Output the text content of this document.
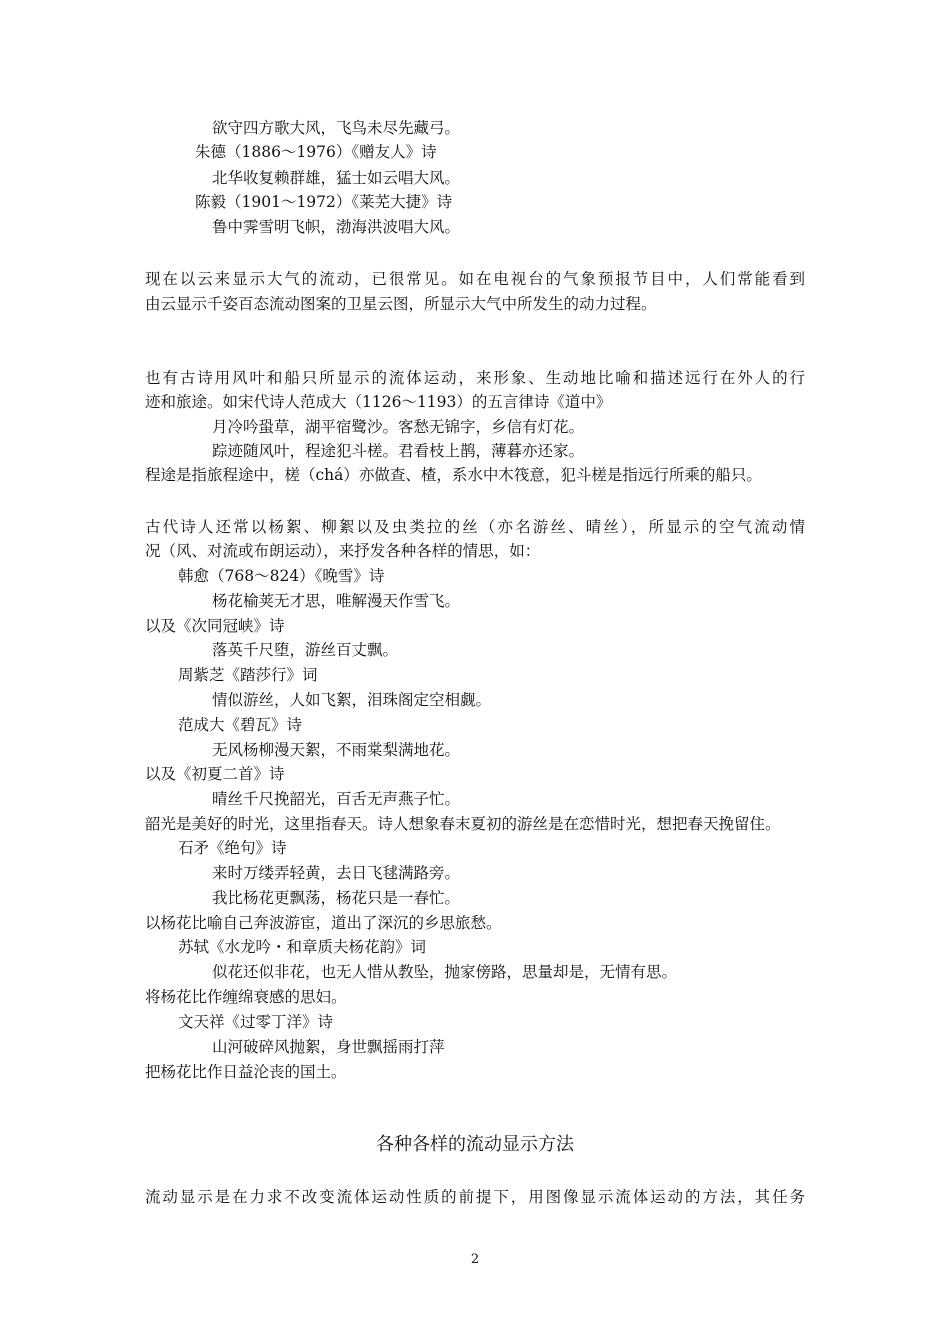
欲守四方歌大风，飞鸟未尽先藏弓。

朱德（1886～1976）《赠友人》诗

北华收复赖群雄，猛士如云唱大风。

陈毅（1901～1972）《莱芜大捷》诗

鲁中霁雪明飞帜，渤海洪波唱大风。

现在以云来显示大气的流动，已很常见。如在电视台的气象预报节目中，人们常能看到

由云显示千姿百态流动图案的卫星云图，所显示大气中所发生的动力过程。

也有古诗用风叶和船只所显示的流体运动，来形象、生动地比喻和描述远行在外人的行

迹和旅途。如宋代诗人范成大（1126～1193）的五言律诗《道中》

月冷吟蛩草，湖平宿鹭沙。客愁无锦字，乡信有灯花。

踪迹随风叶，程途犯斗槎。君看枝上鹊，薄暮亦还家。

程途是指旅程途中，槎（chá）亦做查、楂，系水中木筏意，犯斗槎是指远行所乘的船只。

古代诗人还常以杨絮、柳絮以及虫类拉的丝（亦名游丝、晴丝），所显示的空气流动情

况（风、对流或布朗运动），来抒发各种各样的情思，如：

韩愈（768～824）《晚雪》诗

杨花榆荚无才思，唯解漫天作雪飞。

以及《次同冠峡》诗

落英千尺堕，游丝百丈飘。

周紫芝《踏莎行》词

情似游丝，人如飞絮，泪珠阁定空相觑。

范成大《碧瓦》诗

无风杨柳漫天絮，不雨棠梨满地花。

以及《初夏二首》诗

晴丝千尺挽韶光，百舌无声燕子忙。

韶光是美好的时光，这里指春天。诗人想象春末夏初的游丝是在恋惜时光，想把春天挽留住。

石矛《绝句》诗

来时万缕弄轻黄，去日飞毬满路旁。

我比杨花更飘荡，杨花只是一春忙。

以杨花比喻自己奔波游宦，道出了深沉的乡思旅愁。

苏轼《水龙吟・和章质夫杨花韵》词

似花还似非花，也无人惜从教坠，抛家傍路，思量却是，无情有思。

将杨花比作缠绵衰感的思妇。

文天祥《过零丁洋》诗

山河破碎风抛絮，身世飘摇雨打萍

把杨花比作日益沦丧的国土。

各种各样的流动显示方法

流动显示是在力求不改变流体运动性质的前提下，用图像显示流体运动的方法，其任务

2
